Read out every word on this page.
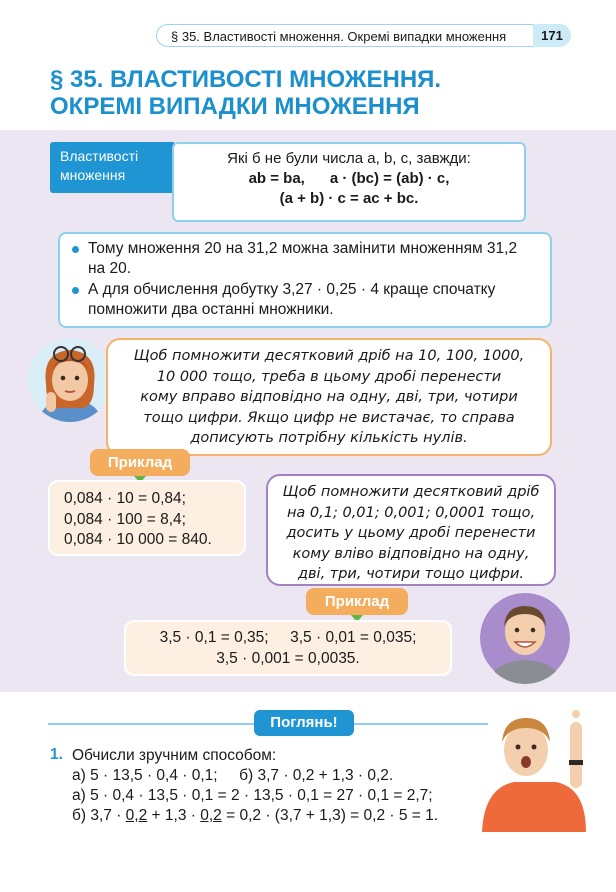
§ 35. Властивості множення. Окремі випадки множення	171
§ 35. ВЛАСТИВОСТІ МНОЖЕННЯ.
ОКРЕМІ ВИПАДКИ МНОЖЕННЯ
Властивості
множення
Які б не були числа a, b, c, завжди:
ab = ba,      a · (bc) = (ab) · c,
(a + b) · c = ac + bc.
Тому множення 20 на 31,2 можна замінити множенням 31,2 на 20.
А для обчислення добутку 3,27 · 0,25 · 4 краще спочатку помножити два останні множники.
Щоб помножити десятковий дріб на 10, 100, 1000,
10 000 тощо, треба в цьому дробі перенести
кому вправо відповідно на одну, дві, три, чотири
тощо цифри. Якщо цифр не вистачає, то справа
дописують потрібну кількість нулів.
Приклад
0,084 · 10 = 0,84;
0,084 · 100 = 8,4;
0,084 · 10 000 = 840.
Щоб помножити десятковий дріб
на 0,1; 0,01; 0,001; 0,0001 тощо,
досить у цьому дробі перенести
кому вліво відповідно на одну,
дві, три, чотири тощо цифри.
Приклад
3,5 · 0,1 = 0,35;     3,5 · 0,01 = 0,035;
3,5 · 0,001 = 0,0035.
Поглянь!
1. Обчисли зручним способом:
а) 5 · 13,5 · 0,4 · 0,1;     б) 3,7 · 0,2 + 1,3 · 0,2.
а) 5 · 0,4 · 13,5 · 0,1 = 2 · 13,5 · 0,1 = 27 · 0,1 = 2,7;
б) 3,7 · 0,2 + 1,3 · 0,2 = 0,2 · (3,7 + 1,3) = 0,2 · 5 = 1.
